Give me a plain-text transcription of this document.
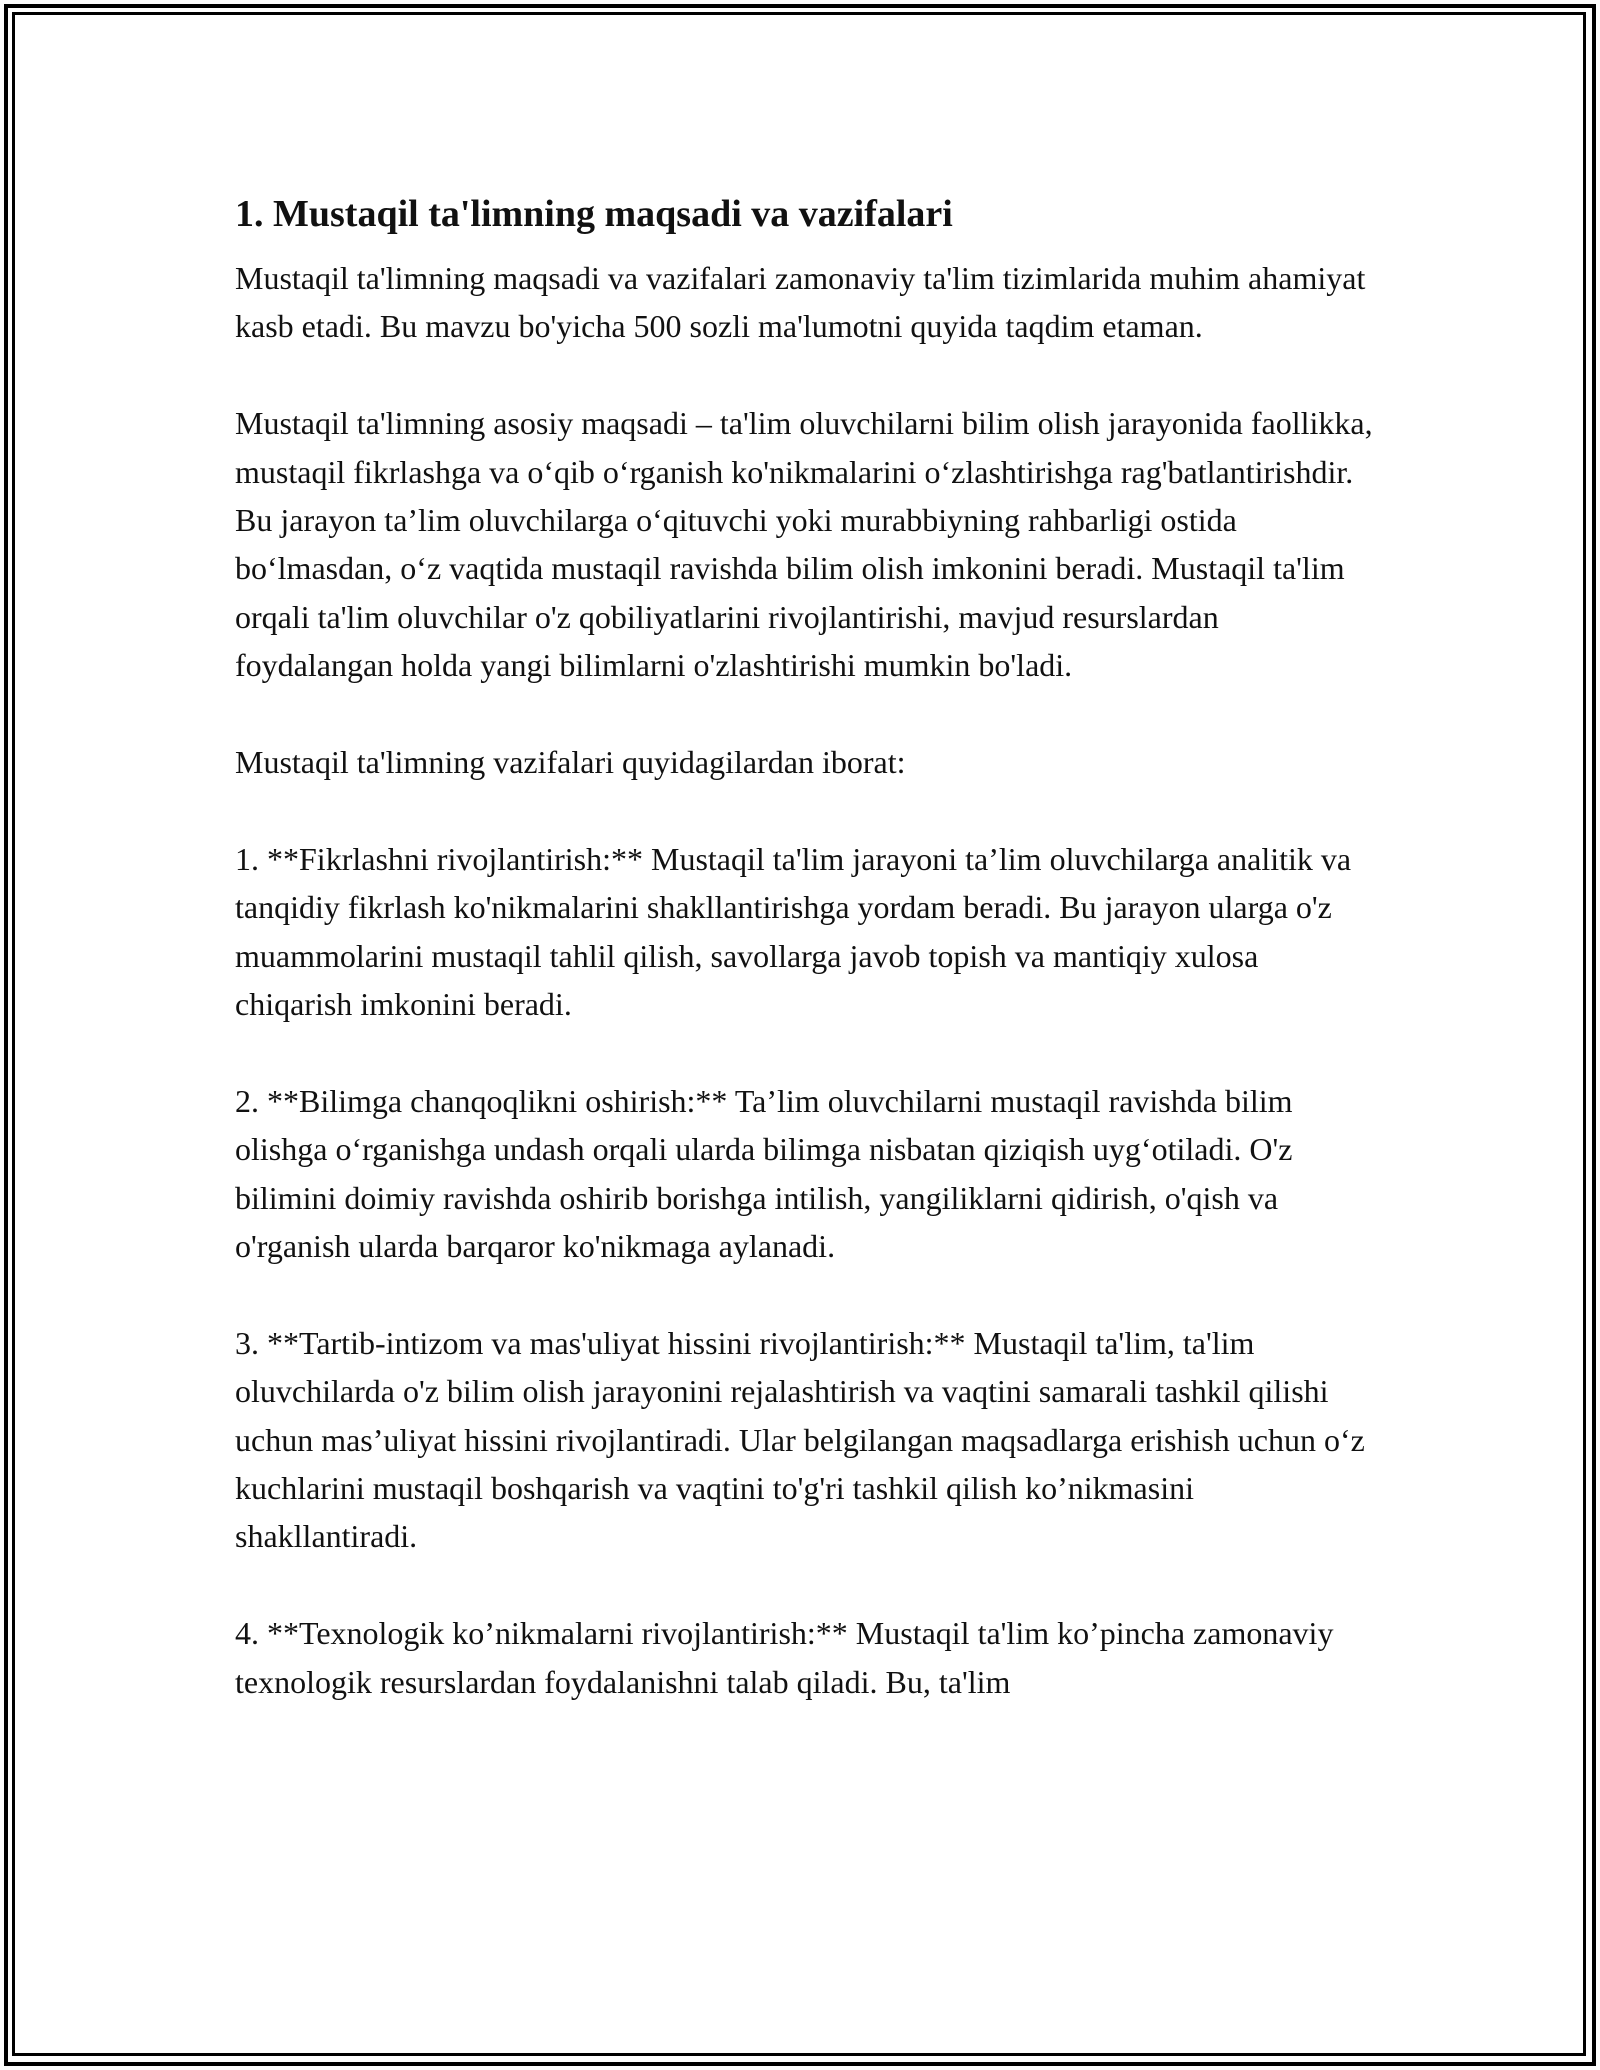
1. Mustaqil ta'limning maqsadi va vazifalari

Mustaqil ta'limning maqsadi va vazifalari zamonaviy ta'lim tizimlarida muhim ahamiyat kasb etadi. Bu mavzu bo'yicha 500 sozli ma'lumotni quyida taqdim etaman.

Mustaqil ta'limning asosiy maqsadi – ta'lim oluvchilarni bilim olish jarayonida faollikka, mustaqil fikrlashga va oʻqib oʻrganish ko'nikmalarini oʻzlashtirishga rag'batlantirishdir. Bu jarayon ta’lim oluvchilarga oʻqituvchi yoki murabbiyning rahbarligi ostida boʻlmasdan, oʻz vaqtida mustaqil ravishda bilim olish imkonini beradi. Mustaqil ta'lim orqali ta'lim oluvchilar o'z qobiliyatlarini rivojlantirishi, mavjud resurslardan foydalangan holda yangi bilimlarni o'zlashtirishi mumkin bo'ladi.

Mustaqil ta'limning vazifalari quyidagilardan iborat:

1. **Fikrlashni rivojlantirish:** Mustaqil ta'lim jarayoni ta’lim oluvchilarga analitik va tanqidiy fikrlash ko'nikmalarini shakllantirishga yordam beradi. Bu jarayon ularga o'z muammolarini mustaqil tahlil qilish, savollarga javob topish va mantiqiy xulosa chiqarish imkonini beradi.

2. **Bilimga chanqoqlikni oshirish:** Ta’lim oluvchilarni mustaqil ravishda bilim olishga oʻrganishga undash orqali ularda bilimga nisbatan qiziqish uygʻotiladi. O'z bilimini doimiy ravishda oshirib borishga intilish, yangiliklarni qidirish, o'qish va o'rganish ularda barqaror ko'nikmaga aylanadi.

3. **Tartib-intizom va mas'uliyat hissini rivojlantirish:** Mustaqil ta'lim, ta'lim oluvchilarda o'z bilim olish jarayonini rejalashtirish va vaqtini samarali tashkil qilishi uchun mas’uliyat hissini rivojlantiradi. Ular belgilangan maqsadlarga erishish uchun oʻz kuchlarini mustaqil boshqarish va vaqtini to'g'ri tashkil qilish ko’nikmasini shakllantiradi.

4. **Texnologik ko’nikmalarni rivojlantirish:** Mustaqil ta'lim ko’pincha zamonaviy texnologik resurslardan foydalanishni talab qiladi. Bu, ta'lim
